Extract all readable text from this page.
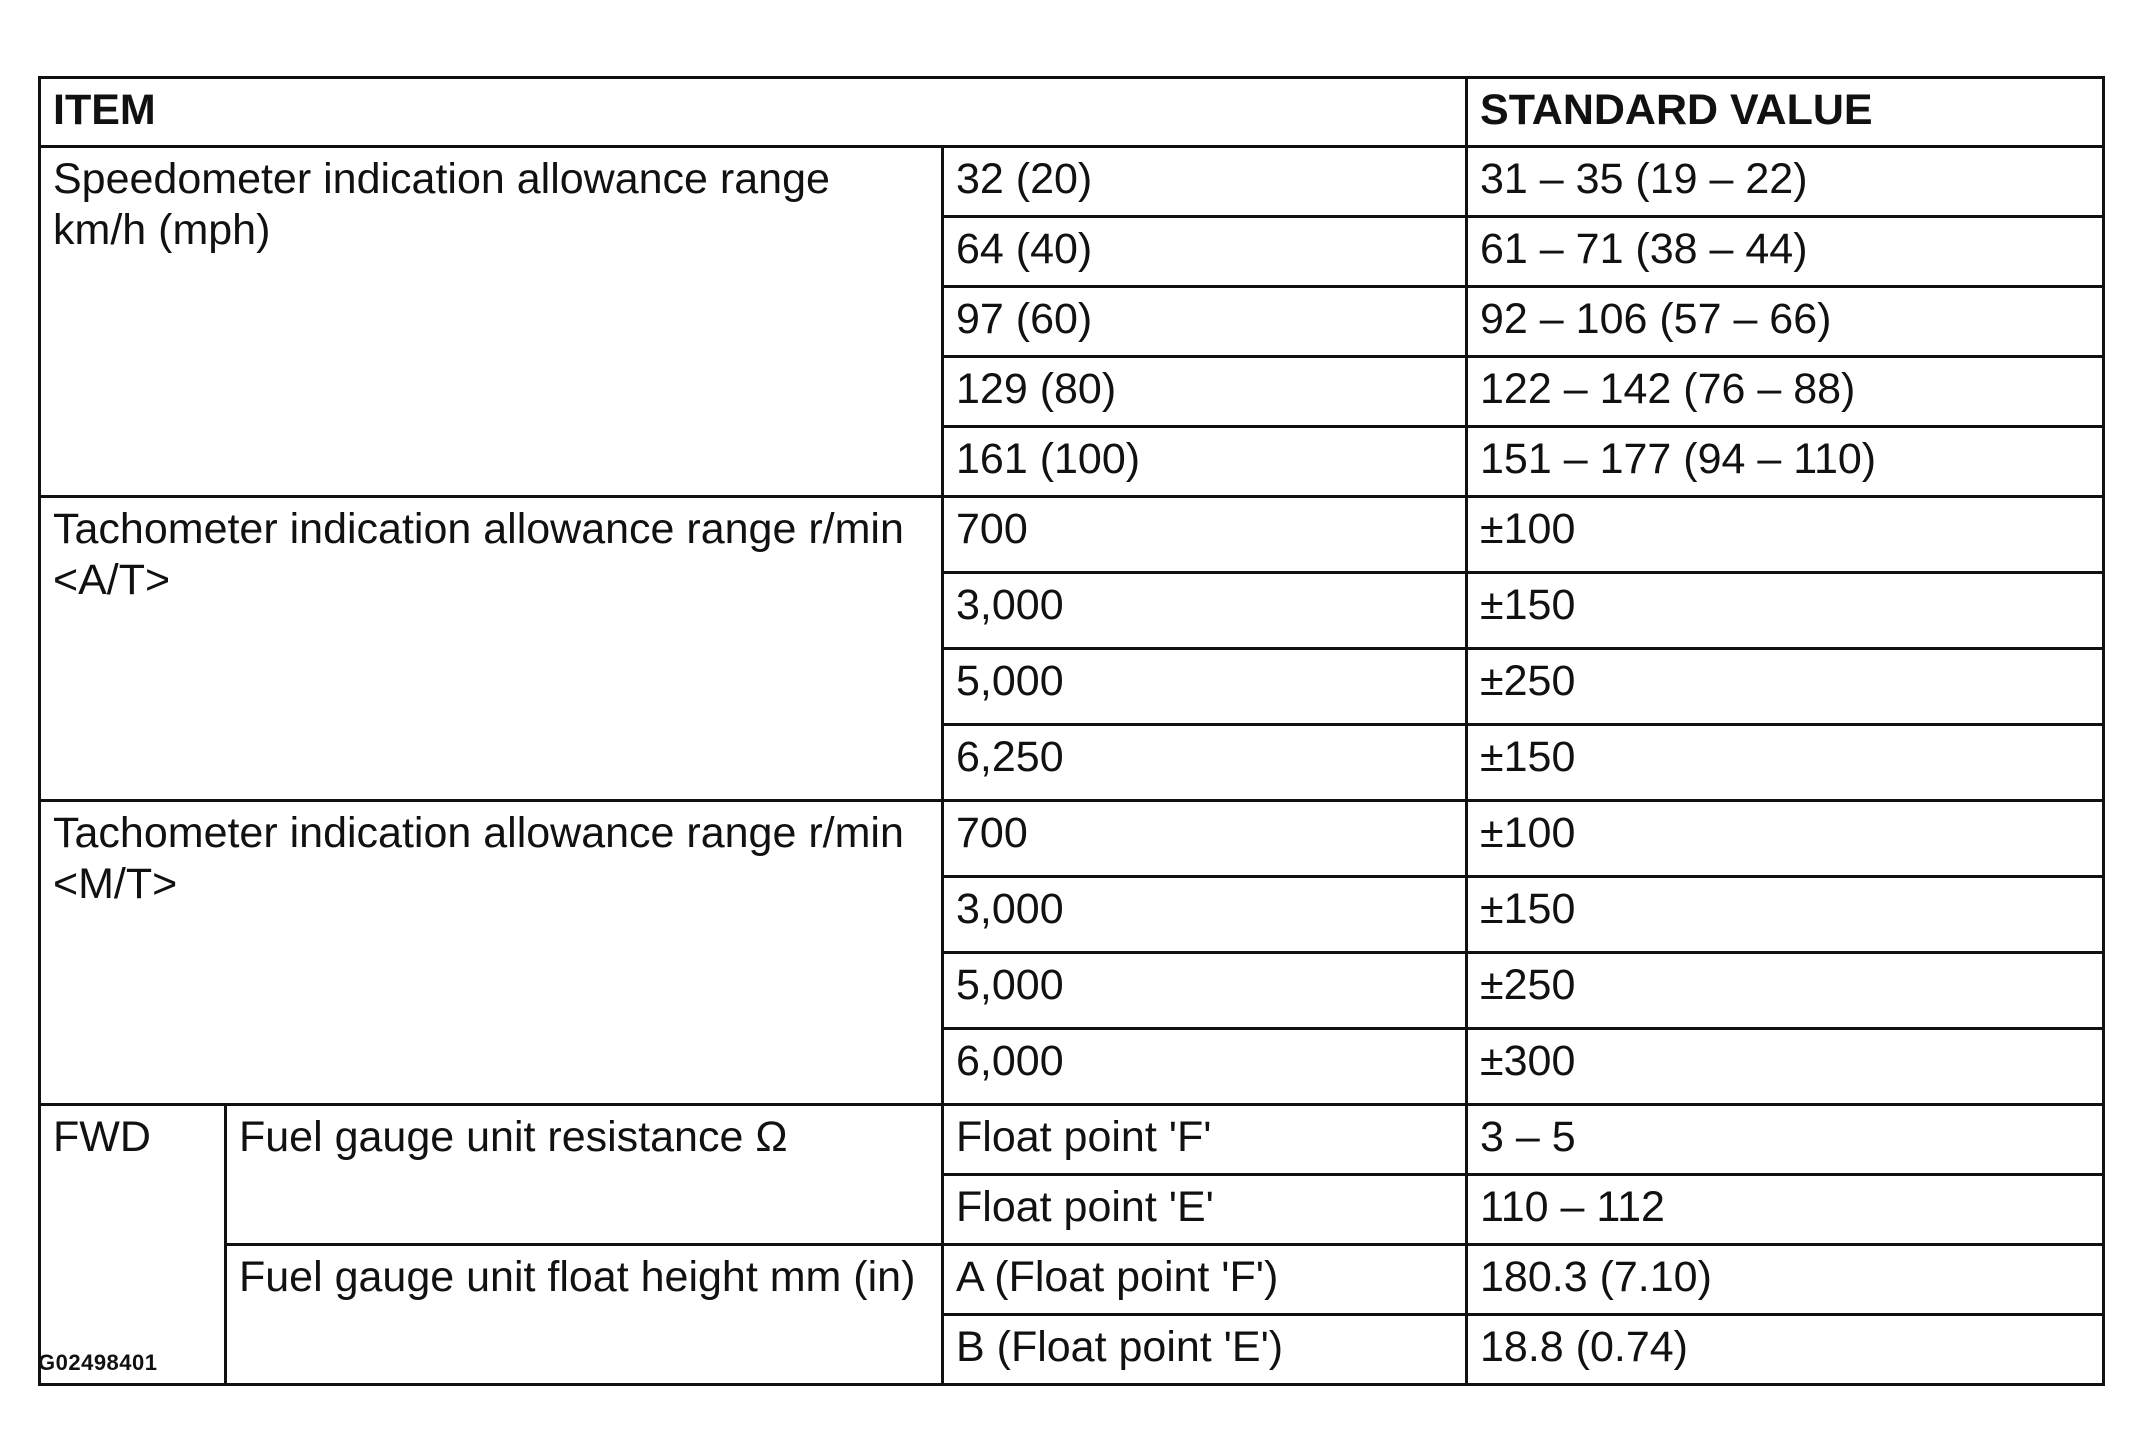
ITEM			STANDARD VALUE
Speedometer indication allowance range km/h (mph)		32 (20)	31 – 35 (19 – 22)
		64 (40)	61 – 71 (38 – 44)
		97 (60)	92 – 106 (57 – 66)
		129 (80)	122 – 142 (76 – 88)
		161 (100)	151 – 177 (94 – 110)
Tachometer indication allowance range r/min <A/T>		700	±100
		3,000	±150
		5,000	±250
		6,250	±150
Tachometer indication allowance range r/min <M/T>		700	±100
		3,000	±150
		5,000	±250
		6,000	±300
FWD	Fuel gauge unit resistance Ω	Float point 'F'	3 – 5
		Float point 'E'	110 – 112
	Fuel gauge unit float height mm (in)	A (Float point 'F')	180.3 (7.10)
		B (Float point 'E')	18.8 (0.74)
G02498401
